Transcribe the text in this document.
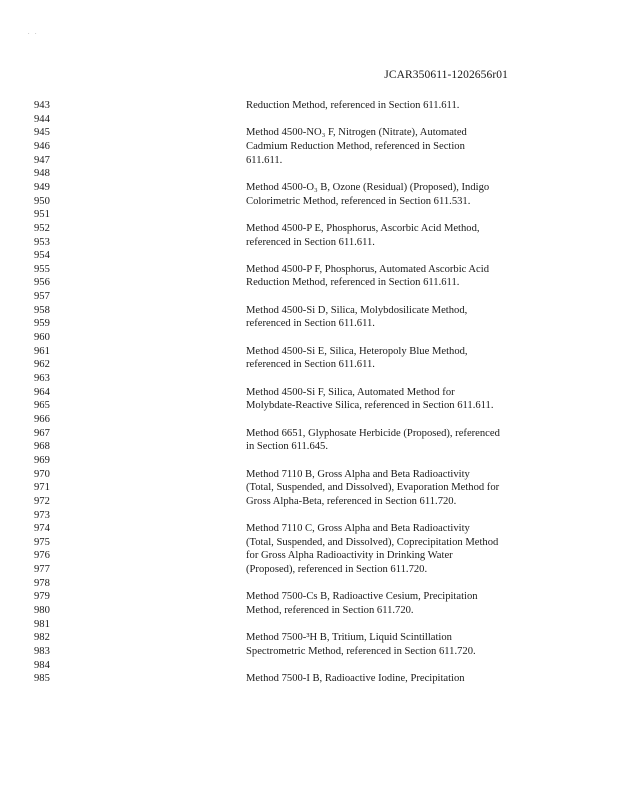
. .
JCAR350611-1202656r01
943	Reduction Method, referenced in Section 611.611.
944
945	Method 4500-NO₃ F, Nitrogen (Nitrate), Automated
946	Cadmium Reduction Method, referenced in Section
947	611.611.
948
949	Method 4500-O₃ B, Ozone (Residual) (Proposed), Indigo
950	Colorimetric Method, referenced in Section 611.531.
951
952	Method 4500-P E, Phosphorus, Ascorbic Acid Method,
953	referenced in Section 611.611.
954
955	Method 4500-P F, Phosphorus, Automated Ascorbic Acid
956	Reduction Method, referenced in Section 611.611.
957
958	Method 4500-Si D, Silica, Molybdosilicate Method,
959	referenced in Section 611.611.
960
961	Method 4500-Si E, Silica, Heteropoly Blue Method,
962	referenced in Section 611.611.
963
964	Method 4500-Si F, Silica, Automated Method for
965	Molybdate-Reactive Silica, referenced in Section 611.611.
966
967	Method 6651, Glyphosate Herbicide (Proposed), referenced
968	in Section 611.645.
969
970	Method 7110 B, Gross Alpha and Beta Radioactivity
971	(Total, Suspended, and Dissolved), Evaporation Method for
972	Gross Alpha-Beta, referenced in Section 611.720.
973
974	Method 7110 C, Gross Alpha and Beta Radioactivity
975	(Total, Suspended, and Dissolved), Coprecipitation Method
976	for Gross Alpha Radioactivity in Drinking Water
977	(Proposed), referenced in Section 611.720.
978
979	Method 7500-Cs B, Radioactive Cesium, Precipitation
980	Method, referenced in Section 611.720.
981
982	Method 7500-³H B, Tritium, Liquid Scintillation
983	Spectrometric Method, referenced in Section 611.720.
984
985	Method 7500-I B, Radioactive Iodine, Precipitation
